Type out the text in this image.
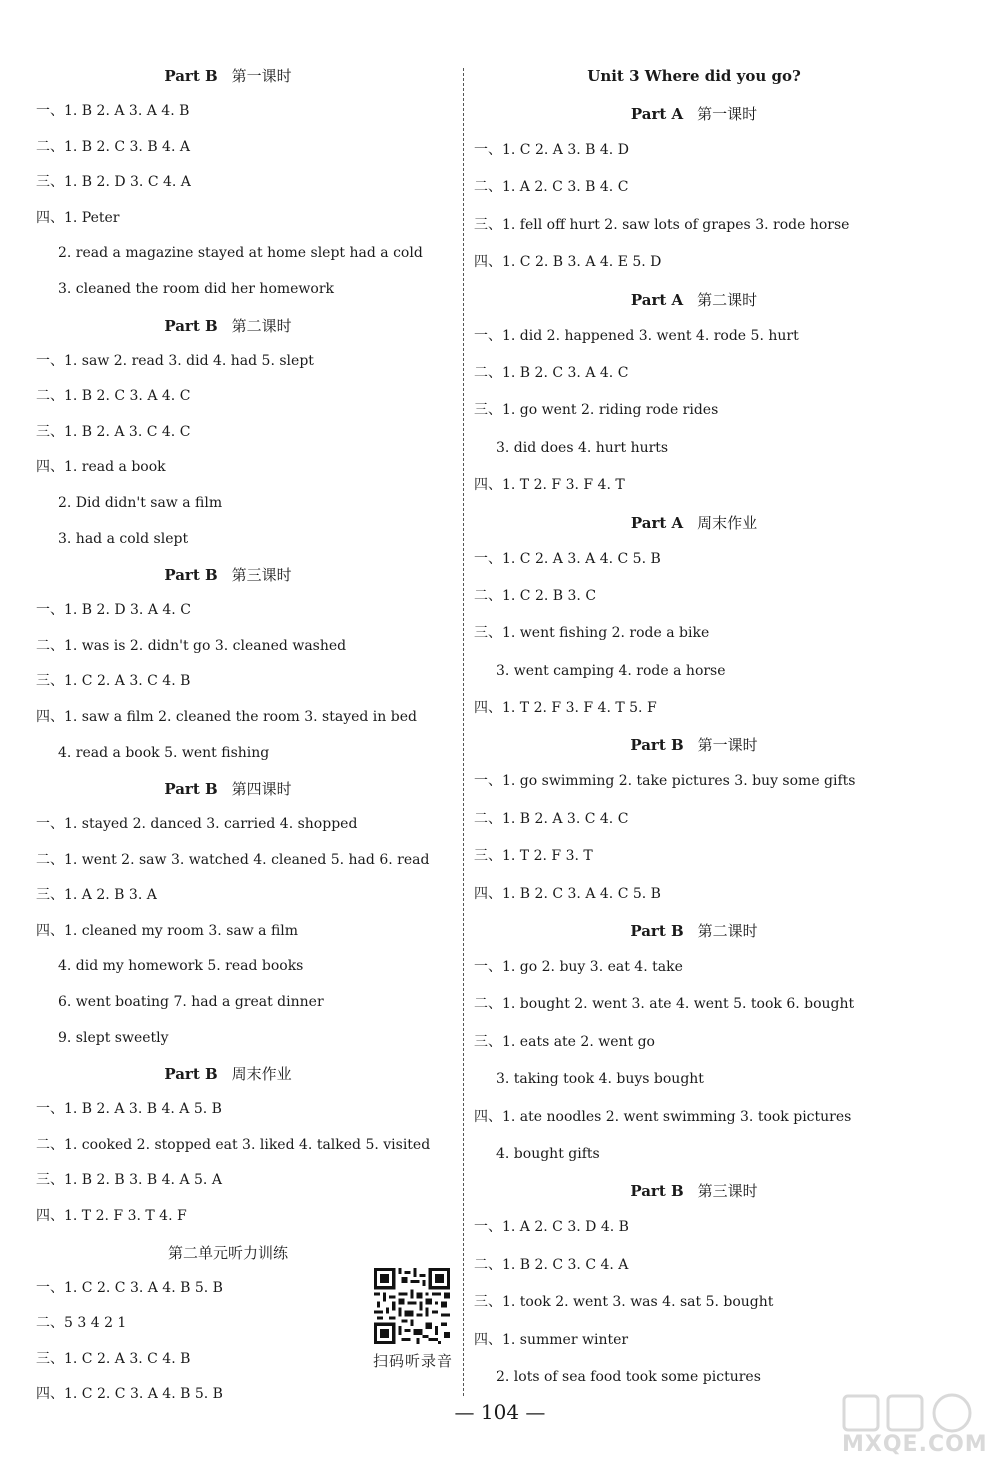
Part B 第一课时
一、1. B 2. A 3. A 4. B
二、1. B 2. C 3. B 4. A
三、1. B 2. D 3. C 4. A
四、1. Peter
2. read a magazine stayed at home slept had a cold
3. cleaned the room did her homework
Part B 第二课时
一、1. saw 2. read 3. did 4. had 5. slept
二、1. B 2. C 3. A 4. C
三、1. B 2. A 3. C 4. C
四、1. read a book
2. Did didn't saw a film
3. had a cold slept
Part B 第三课时
一、1. B 2. D 3. A 4. C
二、1. was is 2. didn't go 3. cleaned washed
三、1. C 2. A 3. C 4. B
四、1. saw a film 2. cleaned the room 3. stayed in bed
4. read a book 5. went fishing
Part B 第四课时
一、1. stayed 2. danced 3. carried 4. shopped
二、1. went 2. saw 3. watched 4. cleaned 5. had 6. read
三、1. A 2. B 3. A
四、1. cleaned my room 3. saw a film
4. did my homework 5. read books
6. went boating 7. had a great dinner
9. slept sweetly
Part B 周末作业
一、1. B 2. A 3. B 4. A 5. B
二、1. cooked 2. stopped eat 3. liked 4. talked 5. visited
三、1. B 2. B 3. B 4. A 5. A
四、1. T 2. F 3. T 4. F
第二单元听力训练
一、1. C 2. C 3. A 4. B 5. B
二、5 3 4 2 1
三、1. C 2. A 3. C 4. B
四、1. C 2. C 3. A 4. B 5. B
Unit 3 Where did you go?
Part A 第一课时
一、1. C 2. A 3. B 4. D
二、1. A 2. C 3. B 4. C
三、1. fell off hurt 2. saw lots of grapes 3. rode horse
四、1. C 2. B 3. A 4. E 5. D
Part A 第二课时
一、1. did 2. happened 3. went 4. rode 5. hurt
二、1. B 2. C 3. A 4. C
三、1. go went 2. riding rode rides
3. did does 4. hurt hurts
四、1. T 2. F 3. F 4. T
Part A 周末作业
一、1. C 2. A 3. A 4. C 5. B
二、1. C 2. B 3. C
三、1. went fishing 2. rode a bike
3. went camping 4. rode a horse
四、1. T 2. F 3. F 4. T 5. F
Part B 第一课时
一、1. go swimming 2. take pictures 3. buy some gifts
二、1. B 2. A 3. C 4. C
三、1. T 2. F 3. T
四、1. B 2. C 3. A 4. C 5. B
Part B 第二课时
一、1. go 2. buy 3. eat 4. take
二、1. bought 2. went 3. ate 4. went 5. took 6. bought
三、1. eats ate 2. went go
3. taking took 4. buys bought
四、1. ate noodles 2. went swimming 3. took pictures
4. bought gifts
Part B 第三课时
一、1. A 2. C 3. D 4. B
二、1. B 2. C 3. C 4. A
三、1. took 2. went 3. was 4. sat 5. bought
四、1. summer winter
2. lots of sea food took some pictures
扫码听录音
— 104 —
MXQE.COM
